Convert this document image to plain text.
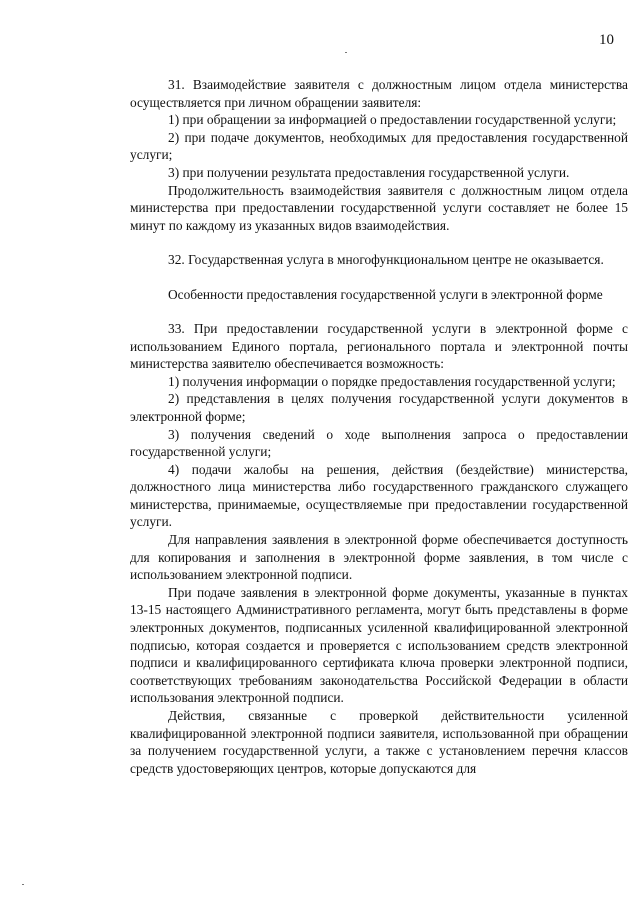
10

31. Взаимодействие заявителя с должностным лицом отдела министерства осуществляется при личном обращении заявителя:

1) при обращении за информацией о предоставлении государственной услуги;

2) при подаче документов, необходимых для предоставления государственной услуги;

3) при получении результата предоставления государственной услуги.

Продолжительность взаимодействия заявителя с должностным лицом отдела министерства при предоставлении государственной услуги составляет не более 15 минут по каждому из указанных видов взаимодействия.

32. Государственная услуга в многофункциональном центре не оказывается.

Особенности предоставления государственной услуги в электронной форме

33. При предоставлении государственной услуги в электронной форме с использованием Единого портала, регионального портала и электронной почты министерства заявителю обеспечивается возможность:

1) получения информации о порядке предоставления государственной услуги;

2) представления в целях получения государственной услуги документов в электронной форме;

3) получения сведений о ходе выполнения запроса о предоставлении государственной услуги;

4) подачи жалобы на решения, действия (бездействие) министерства, должностного лица министерства либо государственного гражданского служащего министерства, принимаемые, осуществляемые при предоставлении государственной услуги.

Для направления заявления в электронной форме обеспечивается доступность для копирования и заполнения в электронной форме заявления, в том числе с использованием электронной подписи.

При подаче заявления в электронной форме документы, указанные в пунктах 13-15 настоящего Административного регламента, могут быть представлены в форме электронных документов, подписанных усиленной квалифицированной электронной подписью, которая создается и проверяется с использованием средств электронной подписи и квалифицированного сертификата ключа проверки электронной подписи, соответствующих требованиям законодательства Российской Федерации в области использования электронной подписи.

Действия, связанные с проверкой действительности усиленной квалифицированной электронной подписи заявителя, использованной при обращении за получением государственной услуги, а также с установлением перечня классов средств удостоверяющих центров, которые допускаются для
